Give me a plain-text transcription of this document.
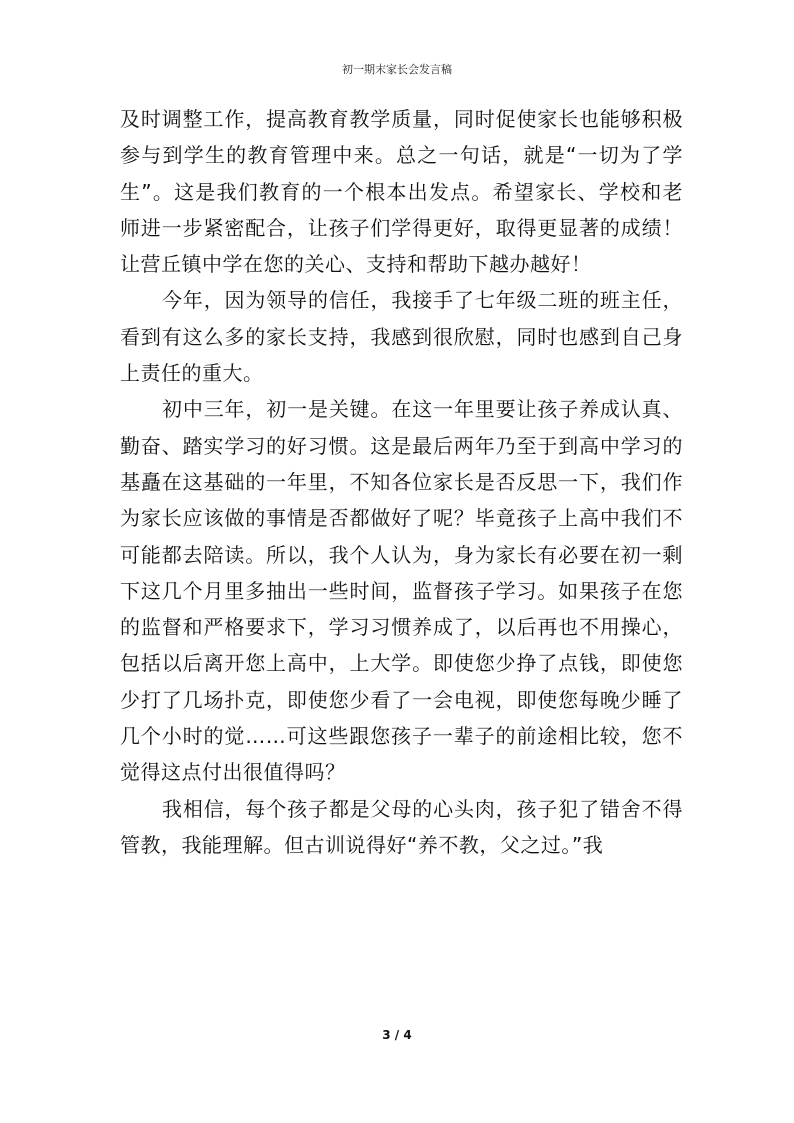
初一期末家长会发言稿

及时调整工作，提高教育教学质量，同时促使家长也能够积极参与到学生的教育管理中来。总之一句话，就是“一切为了学生”。这是我们教育的一个根本出发点。希望家长、学校和老师进一步紧密配合，让孩子们学得更好，取得更显著的成绩！让营丘镇中学在您的关心、支持和帮助下越办越好！

今年，因为领导的信任，我接手了七年级二班的班主任，看到有这么多的家长支持，我感到很欣慰，同时也感到自己身上责任的重大。

初中三年，初一是关键。在这一年里要让孩子养成认真、勤奋、踏实学习的好习惯。这是最后两年乃至于到高中学习的基矗在这基础的一年里，不知各位家长是否反思一下，我们作为家长应该做的事情是否都做好了呢？毕竟孩子上高中我们不可能都去陪读。所以，我个人认为，身为家长有必要在初一剩下这几个月里多抽出一些时间，监督孩子学习。如果孩子在您的监督和严格要求下，学习习惯养成了，以后再也不用操心，包括以后离开您上高中，上大学。即使您少挣了点钱，即使您少打了几场扑克，即使您少看了一会电视，即使您每晚少睡了几个小时的觉……可这些跟您孩子一辈子的前途相比较，您不觉得这点付出很值得吗？

我相信，每个孩子都是父母的心头肉，孩子犯了错舍不得管教，我能理解。但古训说得好“养不教，父之过。”我

3 / 4
